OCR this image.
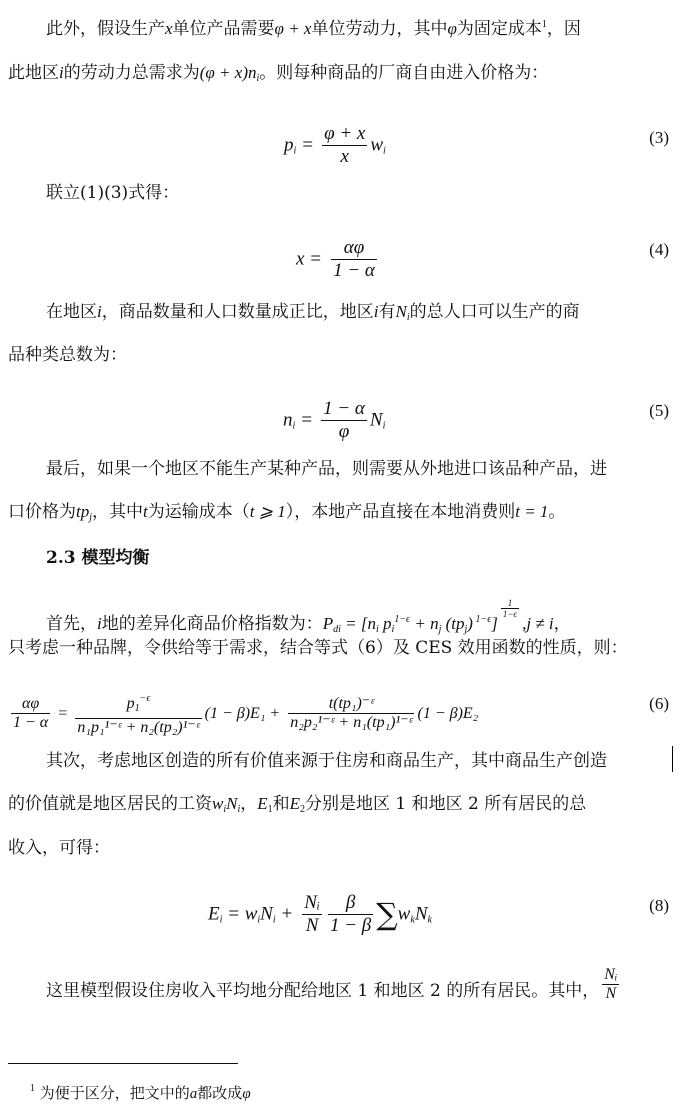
此外，假设生产x单位产品需要φ + x单位劳动力，其中φ为固定成本$^1$，因
此地区i的劳动力总需求为$(\varphi + x)n_i$。则每种商品的厂商自由进入价格为：
$p_i = \frac{\varphi + x}{x} w_i$
(3)
联立(1)(3)式得：
$x = \frac{\alpha\varphi}{1 - \alpha}$	(4)
在地区i，商品数量和人口数量成正比，地区i有$N_i$的总人口可以生产的商
品种类总数为：
$n_i = \frac{1 - \alpha}{\varphi} N_i$
(5)
最后，如果一个地区不能生产某种产品，则需要从外地进口该品种产品，进
口价格为$tp_j$，其中t为运输成本（t ⩾ 1），本地产品直接在本地消费则t = 1。
2.3 模型均衡
首先，i地的差异化商品价格指数为：$P_{di} = [n_i$ $p_i^{1-\epsilon} + n_j$ $(tp_j)$ $^{1-\epsilon}$]
$\frac{1}{1-\epsilon}$
,j ≠ i，
只考虑一种品牌，令供给等于需求，结合等式（6）及 CES 效用函数的性质，则：
$\frac{\alpha\varphi}{1 - \alpha} = \frac{p_1^{-\epsilon}}{\text{n₁p₁¹⁻ᵋ + n₂(tp₂)¹⁻ᵋ}} (1 - \beta)E_1 + \frac{\text{t(tp₁)⁻ᵋ}}{\text{n₂p₂¹⁻ᵋ + n₁(tp₁)¹⁻ᵋ}} (1 - \beta)E_2$
(6)
其次，考虑地区创造的所有价值来源于住房和商品生产，其中商品生产创造
的价值就是地区居民的工资$w_iN_i$，$E_1$和$E_2$分别是地区 1 和地区 2 所有居民的总
收入，可得：
$E_i = w_iN_i + \frac{\text{Nᵢ}}{N} \frac{\beta}{1 - \beta} \sum w_kN_k$
(8)
这里模型假设住房收入平均地分配给地区 1 和地区 2 的所有居民。其中， $\frac{\text{Nᵢ}}{N}$
$^1$ 为便于区分，把文中的a都改成φ
